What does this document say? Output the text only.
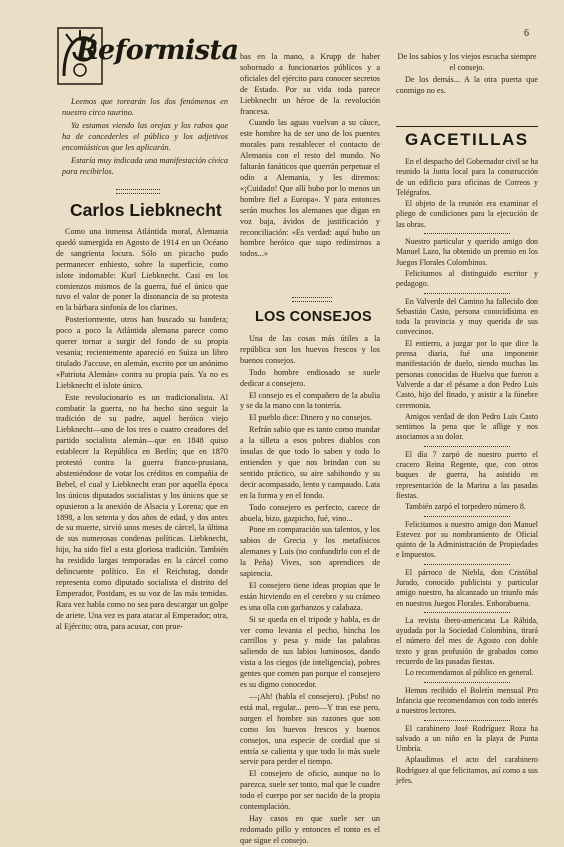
Reformista
6

Leemos que torearán los dos fenómenos en nuestro circo taurino.

Ya estamos viendo las orejas y los rabos que ha de concederles el público y los adjetivos encomiásticos que les aplicarán.

Estaría muy indicada una manifestación cívica para recibirlos.

Carlos Liebknecht

Como una inmensa Atlántida moral, Alemania quedó sumergida en Agosto de 1914 en un Océano de sangrienta locura. Sólo un picacho pudo permanecer enhiesto, sobre la superficie, como islote indomable: Kurl Liebknecht. Casi en los comienzos mismos de la guerra, fué el único que tuvo el valor de poner la disonancia de su protesta en la bárbara sinfonía de los clarines.

Posteriormente, otros han buscado su bandera; poco a poco la Atlántida alemana parece como querer tornar a surgir del fondo de su propia vesania; recientemente apareció en Suiza un libro titulado J'accuse, en alemán, escrito por un anónimo «Patriota Alemán» contra su propia país. Ya no es Liebknecht el islote único.

Este revolucionario es un tradicionalista. Al combatir la guerra, no ha hecho sino seguir la tradición de su padre, aquel heróico viejo Liebknecht—uno de los tres o cuatro creadores del partido socialista alemán—que en 1848 quiso establecer la República en Berlín; que en 1870 protestó contra la guerra franco-prusiana, absteniéndose de votar los créditos en compañía de Bebel, el cual y Liebknecht eran por aquella época los únicos diputados socialistas y los únicos que se opusieron a la anexión de Alsacia y Lorena; que en 1898, a los setenta y dos años de edad, y dos antes de su muerte, sirvió unos meses de cárcel, la última de sus numerosas condenas políticas. Liebknecht, hijo, ha sido fiel a esta gloriosa tradición. También ha residido largas temporadas en la cárcel como delincuente político. En el Reichstag, donde representa como diputado socialista el distrito del Emperador, Postdam, es su voz de las más temidas. Rara vez habla como no sea para descargar un golpe de ariete. Una vez es para atacar al Emperador; otra, al Ejército; otra, para acusar, con prue-

bas en la mano, a Krupp de haber sobornado a funcionarios públicos y a oficiales del ejército para conocer secretos de Estado. Por su vida toda parece Liebknecht un héroe de la revolución francesa.

Cuando las aguas vuelvan a su cáuce, este hombre ha de ser uno de los puentes morales para restablecer el contacto de Alemania con el resto del mundo. No faltarán fanáticos que querrán perpetuar el odio a Alemania, y les diremos: «¡Cuidado! Que allí hubo por lo menos un hombre fiel a Europa». Y para entonces serán muchos los alemanes que digan en voz baja, ávidos de justificación y reconciliación: «Es verdad: aquí hubo un hombre heróico que supo redimirnos a todos...»

LOS CONSEJOS

Una de las cosas más útiles a la república son los huevos frescos y los buenos consejos.

Todo hombre endiosado se suele dedicar a consejero.

El consejo es el compañero de la abulia y se da la mano con la tontería.

El pueblo dice: Dinero y no consejos.

Refrán sabio que es tanto como mandar a la silleta a esos pobres diablos con ínsulas de que todo lo saben y todo lo entienden y que nos brindan con su sentido práctico, su aire sabihondo y su decir acompasado, lento y campaudo. Lata en la forma y en el fondo.

Todo consejero es perfecto, carece de abuela, bizo, gazpicho, fué, vino...

Pone en comparación sus talentos, y los sabios de Grecia y los metafísicos alemanes y Luis (no confundirlo con el de la Peña) Vives, son aprendices de sapiencia.

El consejero tiene ideas propias que le están hirviendo en el cerebro y su crámeo es una olla con garbanzos y calabaza.

Si se queda en el tripode y habla, es de ver como levanta el pecho, hincha los carrillos y pesa y mide las palabras saliendo de sus labios luminosos, dando vista a los ciegos (de inteligencia), pobres gentes que comen pan porque el consejero es su digmo conocedor.

—¡Ah! (habla el consejero). ¡Pobs! no está mal, regular... pero—Y tras ese pero, surgen el hombre sus razones que son como los huevos frescos y buenos consejos, una especie de cordial que si entría se calienta y que todo lo más suele servir para perder el tiempo.

El consejero de oficio, aunque no lo parezca, suele ser tonto, mal que le cuadre todo el cuerpo por ser nacido de la propia contemplación.

Hay casos en que suele ser un redomado pillo y entonces el tonto es el que sigue el consejo.

De los sabios y los viejos escucha siempre el consejo.

De los demás... A la otra puerta que conmigo no es.

GACETILLAS

En el despacho del Gobernador civil se ha reunido la Junta local para la construcción de un edificio para oficinas de Correos y Telégrafos.

El objeto de la reunión era examinar el pliego de condiciones para la ejecución de las obras.

Nuestro particular y querido amigo don Manuel Lazo, ha obtenido un premio en los Juegos Florales Colombinos.

Felicitamos al distinguido escritor y pedagogo.

En Valverde del Camino ha fallecido don Sebastián Casto, persona conocidísima en toda la provincia y muy querida de sus convecinos.

El entierro, a juzgar por lo que dice la prensa diaria, fué una imponente manifestación de duelo, siendo muchas las personas conocidas de Huelva que fueron a Valverde a dar el pésame a don Pedro Luis Casto, hijo del finado, y asistir a la fúnebre ceremonia.

Amigos verdad de don Pedro Luis Casto sentimos la pena que le aflige y nos asociamos a su dolor.

El día 7 zarpó de nuestro puerto el crucero Reina Regente, que, con otros buques de guerra, ha asistido en representación de la Marina a las pasadas fiestas.

También zarpó el torpedero número 8.

Felicitamos a nuestro amigo don Manuel Estevez por su nombramiento de Oficial quinto de la Administración de Propiedades e Impuestos.

El párroco de Niebla, don Cristóbal Jurado, conocido publicista y particular amigo nuestro, ha alcanzado un triunfo más en nuestros Juegos Florales. Enhorabuena.

La revista ibero-americana La Rábida, ayudada por la Sociedad Colombina, tirará el número del mes de Agosto con doble texto y gran profusión de grabados como recuerdo de las pasadas fiestas.

Lo recomendamos al público en general.

Hemos recibido el Boletín mensual Pro Infancia que recomendamos con todo interés a nuestros lectores.

El carabinero José Rodríguez Roza ha salvado a un niño en la playa de Punta Umbría.

Aplaudimos el acto del carabinero Rodríguez al que felicitamos, así como a sus jefes.
